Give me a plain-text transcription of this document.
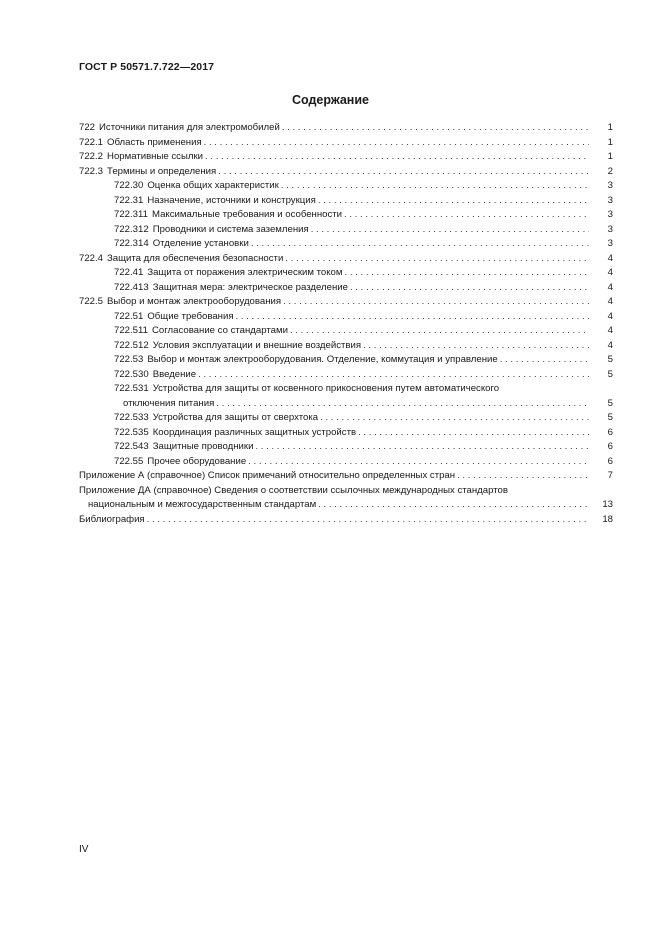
ГОСТ Р 50571.7.722—2017
Содержание
722 Источники питания для электромобилей . . .	1
722.1 Область применения . . .	1
722.2 Нормативные ссылки . . .	1
722.3 Термины и определения . . .	2
722.30 Оценка общих характеристик . . .	3
722.31 Назначение, источники и конструкция . . .	3
722.311 Максимальные требования и особенности . . .	3
722.312 Проводники и система заземления . . .	3
722.314 Отделение установки . . .	3
722.4 Защита для обеспечения безопасности . . .	4
722.41 Защита от поражения электрическим током . . .	4
722.413 Защитная мера: электрическое разделение . . .	4
722.5 Выбор и монтаж электрооборудования . . .	4
722.51 Общие требования . . .	4
722.511 Согласование со стандартами . . .	4
722.512 Условия эксплуатации и внешние воздействия . . .	4
722.53 Выбор и монтаж электрооборудования. Отделение, коммутация и управление . . .	5
722.530 Введение . . .	5
722.531 Устройства для защиты от косвенного прикосновения путем автоматического
отключения питания . . .	5
722.533 Устройства для защиты от сверхтока . . .	5
722.535 Координация различных защитных устройств . . .	6
722.543 Защитные проводники . . .	6
722.55 Прочее оборудование . . .	6
Приложение А (справочное) Список примечаний относительно определенных стран . . .	7
Приложение ДА (справочное) Сведения о соответствии ссылочных международных стандартов
национальным и межгосударственным стандартам . . .	13
Библиография . . .	18
IV
